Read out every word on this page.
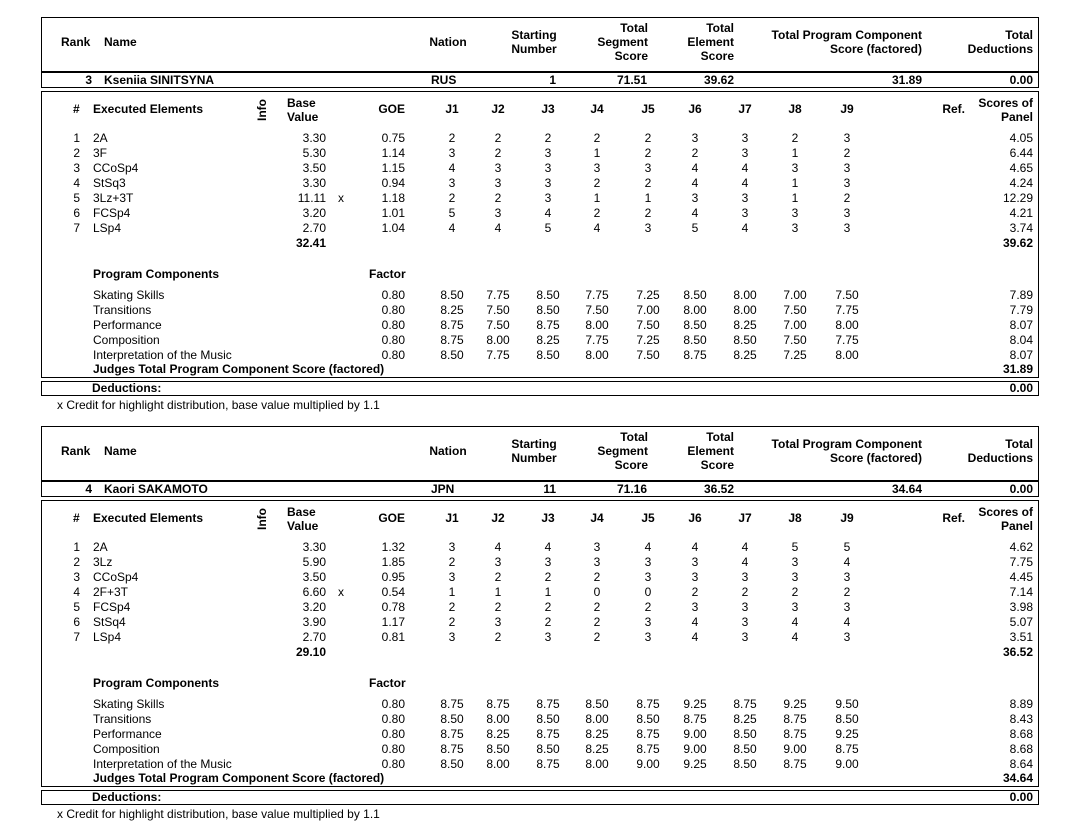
Rank Name	Nation	Starting
Number
Total
Segment
Score
Total
Element
Score
Total Program Component
Score (factored)
Total
Deductions
3 Kseniia SINITSYNA	RUS	1	71.51	39.62	31.89	0.00
# Executed Elements	Info Base
Value
GOE	J1	J2	J3	J4	J5	J6	J7	J8	J9	Ref.	Scores of
Panel
1 2A	3.30	0.75	2	2	2	2	2	3	3	2	3	4.05
2 3F	5.30	1.14	3	2	3	1	2	2	3	1	2	6.44
3 CCoSp4	3.50	1.15	4	3	3	3	3	4	4	3	3	4.65
4 StSq3	3.30	0.94	3	3	3	2	2	4	4	1	3	4.24
5 3Lz+3T	11.11 x	1.18	2	2	3	1	1	3	3	1	2	12.29
6 FCSp4	3.20	1.01	5	3	4	2	2	4	3	3	3	4.21
7 LSp4	2.70	1.04	4	4	5	4	3	5	4	3	3	3.74
32.41	39.62
Program Components	Factor
Skating Skills	0.80	8.50	7.75	8.50	7.75	7.25	8.50	8.00	7.00	7.50	7.89
Transitions	0.80	8.25	7.50	8.50	7.50	7.00	8.00	8.00	7.50	7.75	7.79
Performance	0.80	8.75	7.50	8.75	8.00	7.50	8.50	8.25	7.00	8.00	8.07
Composition	0.80	8.75	8.00	8.25	7.75	7.25	8.50	8.50	7.50	7.75	8.04
Interpretation of the Music	0.80	8.50	7.75	8.50	8.00	7.50	8.75	8.25	7.25	8.00	8.07
Judges Total Program Component Score (factored)	31.89
Deductions:	0.00
x Credit for highlight distribution, base value multiplied by 1.1
Rank Name	Nation	Starting
Number
Total
Segment
Score
Total
Element
Score
Total Program Component
Score (factored)
Total
Deductions
4 Kaori SAKAMOTO	JPN	11	71.16	36.52	34.64	0.00
# Executed Elements	Info Base
Value
GOE	J1	J2	J3	J4	J5	J6	J7	J8	J9	Ref.	Scores of
Panel
1 2A	3.30	1.32	3	4	4	3	4	4	4	5	5	4.62
2 3Lz	5.90	1.85	2	3	3	3	3	3	4	3	4	7.75
3 CCoSp4	3.50	0.95	3	2	2	2	3	3	3	3	3	4.45
4 2F+3T	6.60 x	0.54	1	1	1	0	0	2	2	2	2	7.14
5 FCSp4	3.20	0.78	2	2	2	2	2	3	3	3	3	3.98
6 StSq4	3.90	1.17	2	3	2	2	3	4	3	4	4	5.07
7 LSp4	2.70	0.81	3	2	3	2	3	4	3	4	3	3.51
29.10	36.52
Program Components	Factor
Skating Skills	0.80	8.75	8.75	8.75	8.50	8.75	9.25	8.75	9.25	9.50	8.89
Transitions	0.80	8.50	8.00	8.50	8.00	8.50	8.75	8.25	8.75	8.50	8.43
Performance	0.80	8.75	8.25	8.75	8.25	8.75	9.00	8.50	8.75	9.25	8.68
Composition	0.80	8.75	8.50	8.50	8.25	8.75	9.00	8.50	9.00	8.75	8.68
Interpretation of the Music	0.80	8.50	8.00	8.75	8.00	9.00	9.25	8.50	8.75	9.00	8.64
Judges Total Program Component Score (factored)	34.64
Deductions:	0.00
x Credit for highlight distribution, base value multiplied by 1.1
